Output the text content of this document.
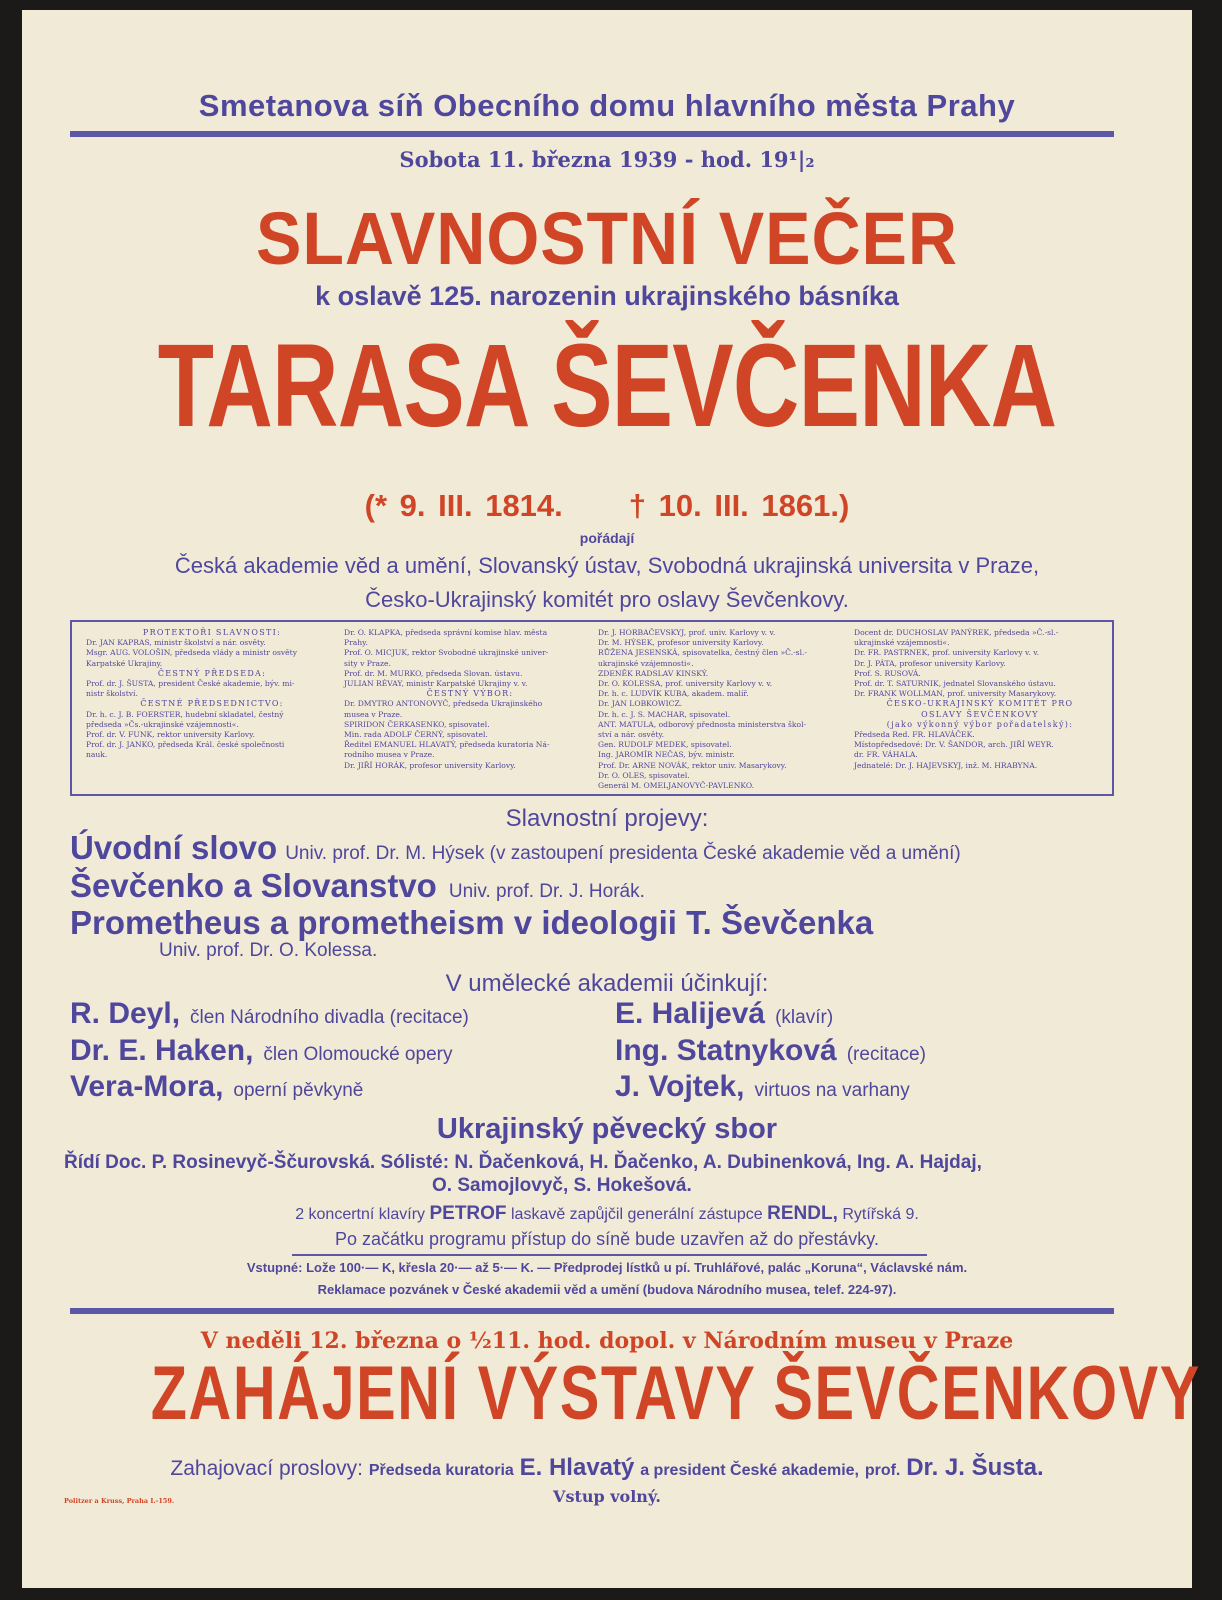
Smetanova síň Obecního domu hlavního města Prahy
Sobota 11. března 1939 - hod. 19¹|₂
SLAVNOSTNÍ VEČER
k oslavě 125. narozenin ukrajinského básníka
TARASA ŠEVČENKA
(* 9. III. 1814. † 10. III. 1861.)
pořádají
Česká akademie věd a umění, Slovanský ústav, Svobodná ukrajinská universita v Praze,
Česko-Ukrajinský komitét pro oslavy Ševčenkovy.
PROTEKTOŘI SLAVNOSTI:
Dr. JAN KAPRAS, ministr školství a nár. osvěty.
Msgr. AUG. VOLOŠIN, předseda vlády a ministr osvěty
Karpatské Ukrajiny.

ČESTNÝ PŘEDSEDA:
Prof. dr. J. ŠUSTA, president České akademie, býv. mi-
nistr školství.

ČESTNÉ PŘEDSEDNICTVO:
Dr. h. c. J. B. FOERSTER, hudební skladatel, čestný
předseda »Čs.-ukrajinské vzájemnosti«.
Prof. dr. V. FUNK, rektor university Karlovy.
Prof. dr. J. JANKO, předseda Král. české společnosti
nauk.
Dr. O. KLAPKA, předseda správní komise hlav. města
Prahy.
Prof. O. MICJUK, rektor Svobodné ukrajinské univer-
sity v Praze.
Prof. dr. M. MURKO, předseda Slovan. ústavu.
JULIAN RÉVAY, ministr Karpatské Ukrajiny v. v.

ČESTNÝ VÝBOR:
Dr. DMYTRO ANTONOVYČ, předseda Ukrajinského
musea v Praze.
SPIRIDON ČERKASENKO, spisovatel.
Min. rada ADOLF ČERNÝ, spisovatel.
Ředitel EMANUEL HLAVATÝ, předseda kuratoria Ná-
rodního musea v Praze.
Dr. JIŘÍ HORÁK, profesor university Karlovy.
Dr. J. HORBAČEVSKYJ, prof. univ. Karlovy v. v.
Dr. M. HÝSEK, profesor university Karlovy.
RŮŽENA JESENSKÁ, spisovatelka, čestný člen »Č.-sl.-
ukrajinské vzájemnosti«.
ZDENĚK RADSLAV KINSKÝ.
Dr. O. KOLESSA, prof. university Karlovy v. v.
Dr. h. c. LUDVÍK KUBA, akadem. malíř.
Dr. JAN LOBKOWICZ.
Dr. h. c. J. S. MACHAR, spisovatel.
ANT. MATULA, odborový přednosta ministerstva škol-
ství a nár. osvěty.
Gen. RUDOLF MEDEK, spisovatel.
Ing. JAROMÍR NEČAS, býv. ministr.
Prof. Dr. ARNE NOVÁK, rektor univ. Masarykovy.
Dr. O. OLES, spisovatel.
Generál M. OMELJANOVYČ-PAVLENKO.
Docent dr. DUCHOSLAV PANÝREK, předseda »Č.-sl.-
ukrajinské vzájemnosti«.
Dr. FR. PASTRNEK, prof. university Karlovy v. v.
Dr. J. PÁTA, profesor university Karlovy.
Prof. S. RUSOVÁ.
Prof. dr. T. SATURNIK, jednatel Slovanského ústavu.
Dr. FRANK WOLLMAN, prof. university Masarykovy.

ČESKO-UKRAJINSKÝ KOMITÉT PRO
OSLAVY ŠEVČENKOVY
(jako výkonný výbor pořadatelský):
Předseda Red. FR. HLAVÁČEK.
Místopředsedové: Dr. V. ŠANDOR, arch. JIŘÍ WEYR.
dr. FR. VÁHALA.
Jednatelé: Dr. J. HAJEVSKYJ, inž. M. HRABYNA.
Slavnostní projevy:
Úvodní slovo Univ. prof. Dr. M. Hýsek (v zastoupení presidenta České akademie věd a umění)
Ševčenko a Slovanstvo Univ. prof. Dr. J. Horák.
Prometheus a prometheism v ideologii T. Ševčenka
Univ. prof. Dr. O. Kolessa.
V umělecké akademii účinkují:
R. Deyl, člen Národního divadla (recitace)
Dr. E. Haken, člen Olomoucké opery
Vera-Mora, operní pěvkyně
E. Halijevá (klavír)
Ing. Statnyková (recitace)
J. Vojtek, virtuos na varhany
Ukrajinský pěvecký sbor
Řídí Doc. P. Rosinevyč-Ščurovská. Sólisté: N. Ďačenková, H. Ďačenko, A. Dubinenková, Ing. A. Hajdaj,
O. Samojlovyč, S. Hokešová.
2 koncertní klavíry PETROF laskavě zapůjčil generální zástupce RENDL, Rytířská 9.
Po začátku programu přístup do síně bude uzavřen až do přestávky.
Vstupné: Lože 100·— K, křesla 20·— až 5·— K. — Předprodej lístků u pí. Truhlářové, palác „Koruna“, Václavské nám.
Reklamace pozvánek v České akademii věd a umění (budova Národního musea, telef. 224-97).
V neděli 12. března o ½11. hod. dopol. v Národním museu v Praze
ZAHÁJENÍ VÝSTAVY ŠEVČENKOVY
Zahajovací proslovy: Předseda kuratoria E. Hlavatý a president České akademie, prof. Dr. J. Šusta.
Vstup volný.
Politzer a Kruss, Praha I.-159.
